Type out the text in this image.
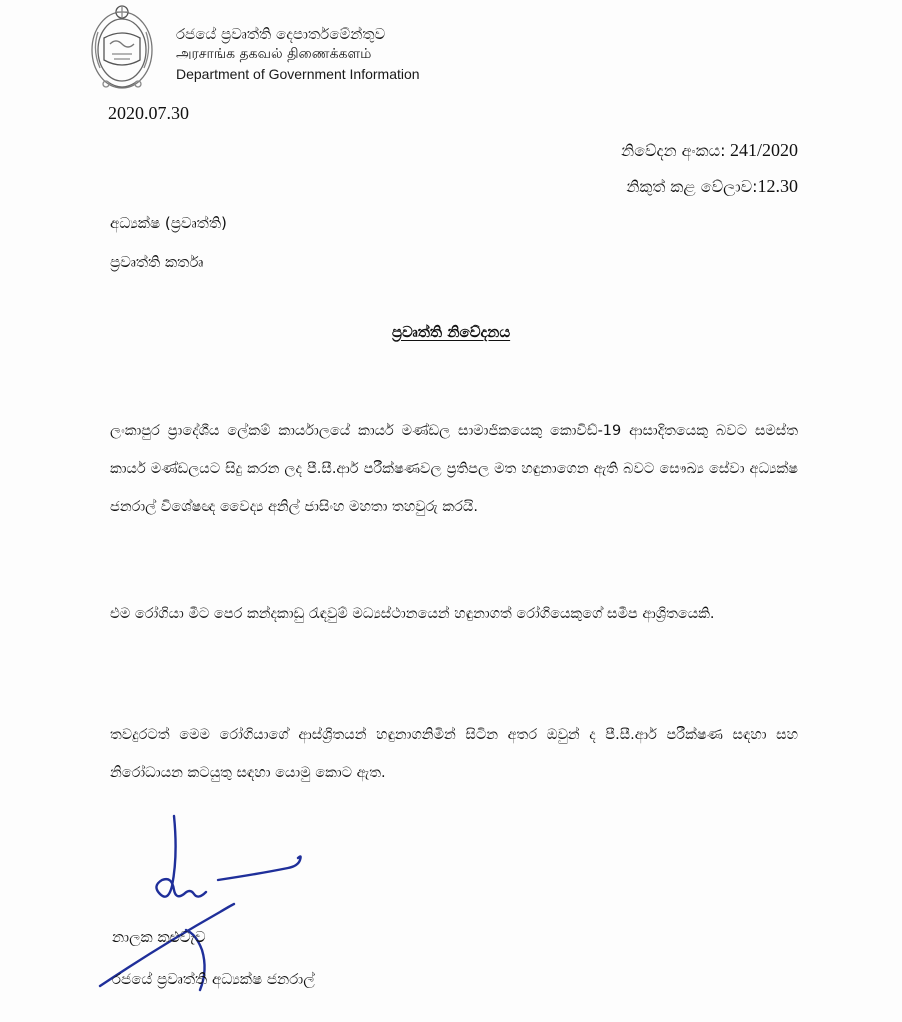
රජයේ ප්‍රවෘත්ති දෙපාර්තමේන්තුව
அரசாங்க தகவல் திணைக்களம்
Department of Government Information
2020.07.30
නිවේදන අංකය: 241/2020
නිකුත් කළ වේලාව:12.30
අධ්‍යක්ෂ (ප්‍රවෘත්ති)
ප්‍රවෘත්ති කර්තෘ
ප්‍රවෘත්ති නිවේදනය

ලංකාපුර ප්‍රාදේශීය ලේකම් කාර්යාලයේ කාර්ය මණ්ඩල සාමාජිකයෙකු කොවිඩ්-19 ආසාදිතයෙකු බවට සමස්ත කාර්ය මණ්ඩලයට සිදු කරන ලද පී.සී.ආර් පරීක්ෂණවල ප්‍රතිපල මත හඳුනාගෙන ඇති බවට සෞඛ්‍ය සේවා අධ්‍යක්ෂ ජනරාල් විශේෂඥ වෛද්‍ය අනිල් ජාසිංහ මහතා තහවුරු කරයි.

එම රෝගියා මීට පෙර කන්දකාඩු රැඳවුම් මධ්‍යස්ථානයෙන් හඳුනාගත් රෝගියෙකුගේ සමීප ආශ්‍රිතයෙකි.

තවදුරටත් මෙම රෝගියාගේ ආස්ශ්‍රිතයන් හඳුනාගනිමින් සිටින අතර ඔවුන් ද පී.සී.ආර් පරීක්ෂණ සඳහා සහ නිරෝධායන කටයුතු සඳහා යොමු කොට ඇත.

නාලක කළුවැව
රජයේ ප්‍රවෘත්ති අධ්‍යක්ෂ ජනරාල්
